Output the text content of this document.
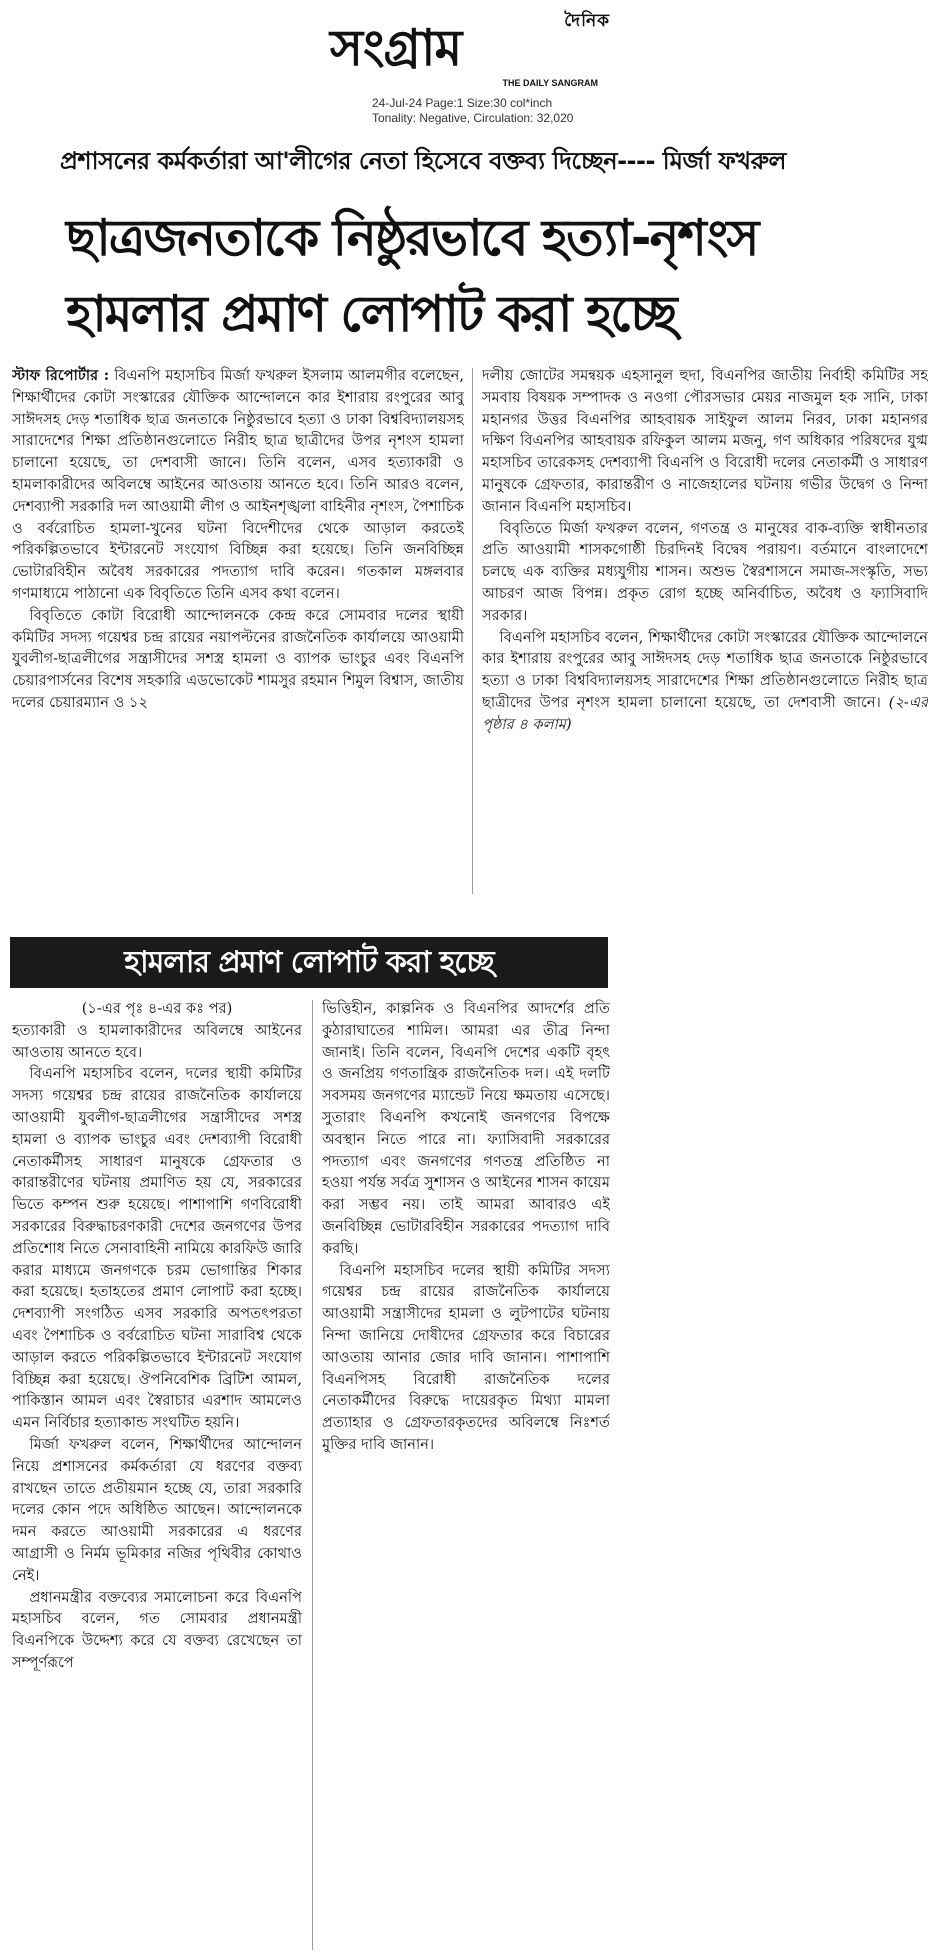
দৈনিক
সংগ্রাম
THE DAILY SANGRAM
24-Jul-24 Page:1 Size:30 col*inch
Tonality: Negative, Circulation: 32,020
প্রশাসনের কর্মকর্তারা আ'লীগের নেতা হিসেবে বক্তব্য দিচ্ছেন---- মির্জা ফখরুল
ছাত্রজনতাকে নিষ্ঠুরভাবে হত্যা-নৃশংস
হামলার প্রমাণ লোপাট করা হচ্ছে

স্টাফ রিপোর্টার : বিএনপি মহাসচিব মির্জা ফখরুল ইসলাম আলমগীর বলেছেন, শিক্ষার্থীদের কোটা সংস্কারের যৌক্তিক আন্দোলনে কার ইশারায় রংপুরের আবু সাঈদসহ দেড় শতাধিক ছাত্র জনতাকে নিষ্ঠুরভাবে হত্যা ও ঢাকা বিশ্ববিদ্যালয়সহ সারাদেশের শিক্ষা প্রতিষ্ঠানগুলোতে নিরীহ ছাত্র ছাত্রীদের উপর নৃশংস হামলা চালানো হয়েছে, তা দেশবাসী জানে। তিনি বলেন, এসব হত্যাকারী ও হামলাকারীদের অবিলম্বে আইনের আওতায় আনতে হবে। তিনি আরও বলেন, দেশব্যাপী সরকারি দল আওয়ামী লীগ ও আইনশৃঙ্খলা বাহিনীর নৃশংস, পৈশাচিক ও বর্বরোচিত হামলা-খুনের ঘটনা বিদেশীদের থেকে আড়াল করতেই পরিকল্পিতভাবে ইন্টারনেট সংযোগ বিচ্ছিন্ন করা হয়েছে। তিনি জনবিচ্ছিন্ন ভোটারবিহীন অবৈধ সরকারের পদত্যাগ দাবি করেন। গতকাল মঙ্গলবার গণমাধ্যমে পাঠানো এক বিবৃতিতে তিনি এসব কথা বলেন।

বিবৃতিতে কোটা বিরোধী আন্দোলনকে কেন্দ্র করে সোমবার দলের স্থায়ী কমিটির সদস্য গয়েশ্বর চন্দ্র রায়ের নয়াপল্টনের রাজনৈতিক কার্যালয়ে আওয়ামী যুবলীগ-ছাত্রলীগের সন্ত্রাসীদের সশস্ত্র হামলা ও ব্যাপক ভাংচুর এবং বিএনপি চেয়ারপার্সনের বিশেষ সহকারি এডভোকেট শামসুর রহমান শিমুল বিশ্বাস, জাতীয় দলের চেয়ারম্যান ও ১২

দলীয় জোটের সমন্বয়ক এহসানুল হুদা, বিএনপির জাতীয় নির্বাহী কমিটির সহ সমবায় বিষয়ক সম্পাদক ও নওগা পৌরসভার মেয়র নাজমুল হক সানি, ঢাকা মহানগর উত্তর বিএনপির আহবায়ক সাইফুল আলম নিরব, ঢাকা মহানগর দক্ষিণ বিএনপির আহবায়ক রফিকুল আলম মজনু, গণ অধিকার পরিষদের যুগ্ম মহাসচিব তারেকসহ দেশব্যাপী বিএনপি ও বিরোধী দলের নেতাকর্মী ও সাধারণ মানুষকে গ্রেফতার, কারান্তরীণ ও নাজেহালের ঘটনায় গভীর উদ্বেগ ও নিন্দা জানান বিএনপি মহাসচিব।

বিবৃতিতে মির্জা ফখরুল বলেন, গণতন্ত্র ও মানুষের বাক-ব্যক্তি স্বাধীনতার প্রতি আওয়ামী শাসকগোষ্ঠী চিরদিনই বিদ্বেষ পরায়ণ। বর্তমানে বাংলাদেশে চলছে এক ব্যক্তির মধ্যযুগীয় শাসন। অশুভ স্বৈরশাসনে সমাজ-সংস্কৃতি, সভ্য আচরণ আজ বিপন্ন। প্রকৃত রোগ হচ্ছে অনির্বাচিত, অবৈধ ও ফ্যাসিবাদি সরকার।

বিএনপি মহাসচিব বলেন, শিক্ষার্থীদের কোটা সংস্কারের যৌক্তিক আন্দোলনে কার ইশারায় রংপুরের আবু সাঈদসহ দেড় শতাধিক ছাত্র জনতাকে নিষ্ঠুরভাবে হত্যা ও ঢাকা বিশ্ববিদ্যালয়সহ সারাদেশের শিক্ষা প্রতিষ্ঠানগুলোতে নিরীহ ছাত্র ছাত্রীদের উপর নৃশংস হামলা চালানো হয়েছে, তা দেশবাসী জানে। (২-এর পৃষ্ঠার ৪ কলাম)

হামলার প্রমাণ লোপাট করা হচ্ছে

(১-এর পৃঃ ৪-এর কঃ পর)

হত্যাকারী ও হামলাকারীদের অবিলম্বে আইনের আওতায় আনতে হবে।

বিএনপি মহাসচিব বলেন, দলের স্থায়ী কমিটির সদস্য গয়েশ্বর চন্দ্র রায়ের রাজনৈতিক কার্যালয়ে আওয়ামী যুবলীগ-ছাত্রলীগের সন্ত্রাসীদের সশস্ত্র হামলা ও ব্যাপক ভাংচুর এবং দেশব্যাপী বিরোধী নেতাকর্মীসহ সাধারণ মানুষকে গ্রেফতার ও কারান্তরীণের ঘটনায় প্রমাণিত হয় যে, সরকারের ভিতে কম্পন শুরু হয়েছে। পাশাপাশি গণবিরোধী সরকারের বিরুদ্ধাচরণকারী দেশের জনগণের উপর প্রতিশোধ নিতে সেনাবাহিনী নামিয়ে কারফিউ জারি করার মাধ্যমে জনগণকে চরম ভোগান্তির শিকার করা হয়েছে। হতাহতের প্রমাণ লোপাট করা হচ্ছে। দেশব্যাপী সংগঠিত এসব সরকারি অপতৎপরতা এবং পৈশাচিক ও বর্বরোচিত ঘটনা সারাবিশ্ব থেকে আড়াল করতে পরিকল্পিতভাবে ইন্টারনেট সংযোগ বিচ্ছিন্ন করা হয়েছে। ঔপনিবেশিক ব্রিটিশ আমল, পাকিস্তান আমল এবং স্বৈরাচার এরশাদ আমলেও এমন নির্বিচার হত্যাকান্ড সংঘটিত হয়নি।

মির্জা ফখরুল বলেন, শিক্ষার্থীদের আন্দোলন নিয়ে প্রশাসনের কর্মকর্তারা যে ধরণের বক্তব্য রাখছেন তাতে প্রতীয়মান হচ্ছে যে, তারা সরকারি দলের কোন পদে অধিষ্ঠিত আছেন। আন্দোলনকে দমন করতে আওয়ামী সরকারের এ ধরণের আগ্রাসী ও নির্মম ভূমিকার নজির পৃথিবীর কোথাও নেই।

প্রধানমন্ত্রীর বক্তব্যের সমালোচনা করে বিএনপি মহাসচিব বলেন, গত সোমবার প্রধানমন্ত্রী বিএনপিকে উদ্দেশ্য করে যে বক্তব্য রেখেছেন তা সম্পূর্ণরূপে

ভিত্তিহীন, কাল্পনিক ও বিএনপির আদর্শের প্রতি কুঠারাঘাতের শামিল। আমরা এর তীব্র নিন্দা জানাই। তিনি বলেন, বিএনপি দেশের একটি বৃহৎ ও জনপ্রিয় গণতান্ত্রিক রাজনৈতিক দল। এই দলটি সবসময় জনগণের ম্যান্ডেট নিয়ে ক্ষমতায় এসেছে। সুতারাং বিএনপি কখনোই জনগণের বিপক্ষে অবস্থান নিতে পারে না। ফ্যাসিবাদী সরকারের পদত্যাগ এবং জনগণের গণতন্ত্র প্রতিষ্ঠিত না হওয়া পর্যন্ত সর্বত্র সুশাসন ও আইনের শাসন কায়েম করা সম্ভব নয়। তাই আমরা আবারও এই জনবিচ্ছিন্ন ভোটারবিহীন সরকারের পদত্যাগ দাবি করছি।

বিএনপি মহাসচিব দলের স্থায়ী কমিটির সদস্য গয়েশ্বর চন্দ্র রায়ের রাজনৈতিক কার্যালয়ে আওয়ামী সন্ত্রাসীদের হামলা ও লুটপাটের ঘটনায় নিন্দা জানিয়ে দোষীদের গ্রেফতার করে বিচারের আওতায় আনার জোর দাবি জানান। পাশাপাশি বিএনপিসহ বিরোধী রাজনৈতিক দলের নেতাকর্মীদের বিরুদ্ধে দায়েরকৃত মিথ্যা মামলা প্রত্যাহার ও গ্রেফতারকৃতদের অবিলম্বে নিঃশর্ত মুক্তির দাবি জানান।
